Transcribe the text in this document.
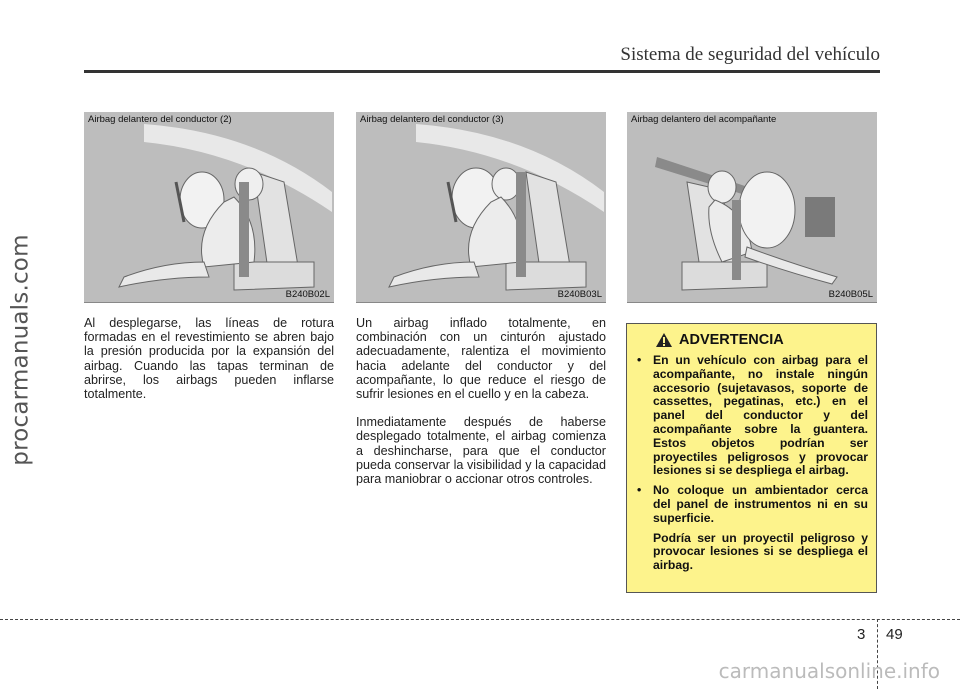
procarmanuals.com
Sistema de seguridad del vehículo
Airbag delantero del conductor (2)
B240B02L
Airbag delantero del conductor (3)
B240B03L
Airbag delantero del acompañante
B240B05L

Al desplegarse, las líneas de rotura formadas en el revestimiento se abren bajo la presión producida por la expansión del airbag. Cuando las tapas terminan de abrirse, los airbags pueden inflarse totalmente.

Un airbag inflado totalmente, en combinación con un cinturón ajustado adecuadamente, ralentiza el movimiento hacia adelante del conductor y del acompañante, lo que reduce el riesgo de sufrir lesiones en el cuello y en la cabeza.

Inmediatamente después de haberse desplegado totalmente, el airbag comienza a deshincharse, para que el conductor pueda conservar la visibilidad y la capacidad para maniobrar o accionar otros controles.

ADVERTENCIA
• En un vehículo con airbag para el acompañante, no instale ningún accesorio (sujetavasos, soporte de cassettes, pegatinas, etc.) en el panel del conductor y del acompañante sobre la guantera. Estos objetos podrían ser proyectiles peligrosos y provocar lesiones si se despliega el airbag.
• No coloque un ambientador cerca del panel de instrumentos ni en su superficie.
Podría ser un proyectil peligroso y provocar lesiones si se despliega el airbag.
3 49
carmanualsonline.info
